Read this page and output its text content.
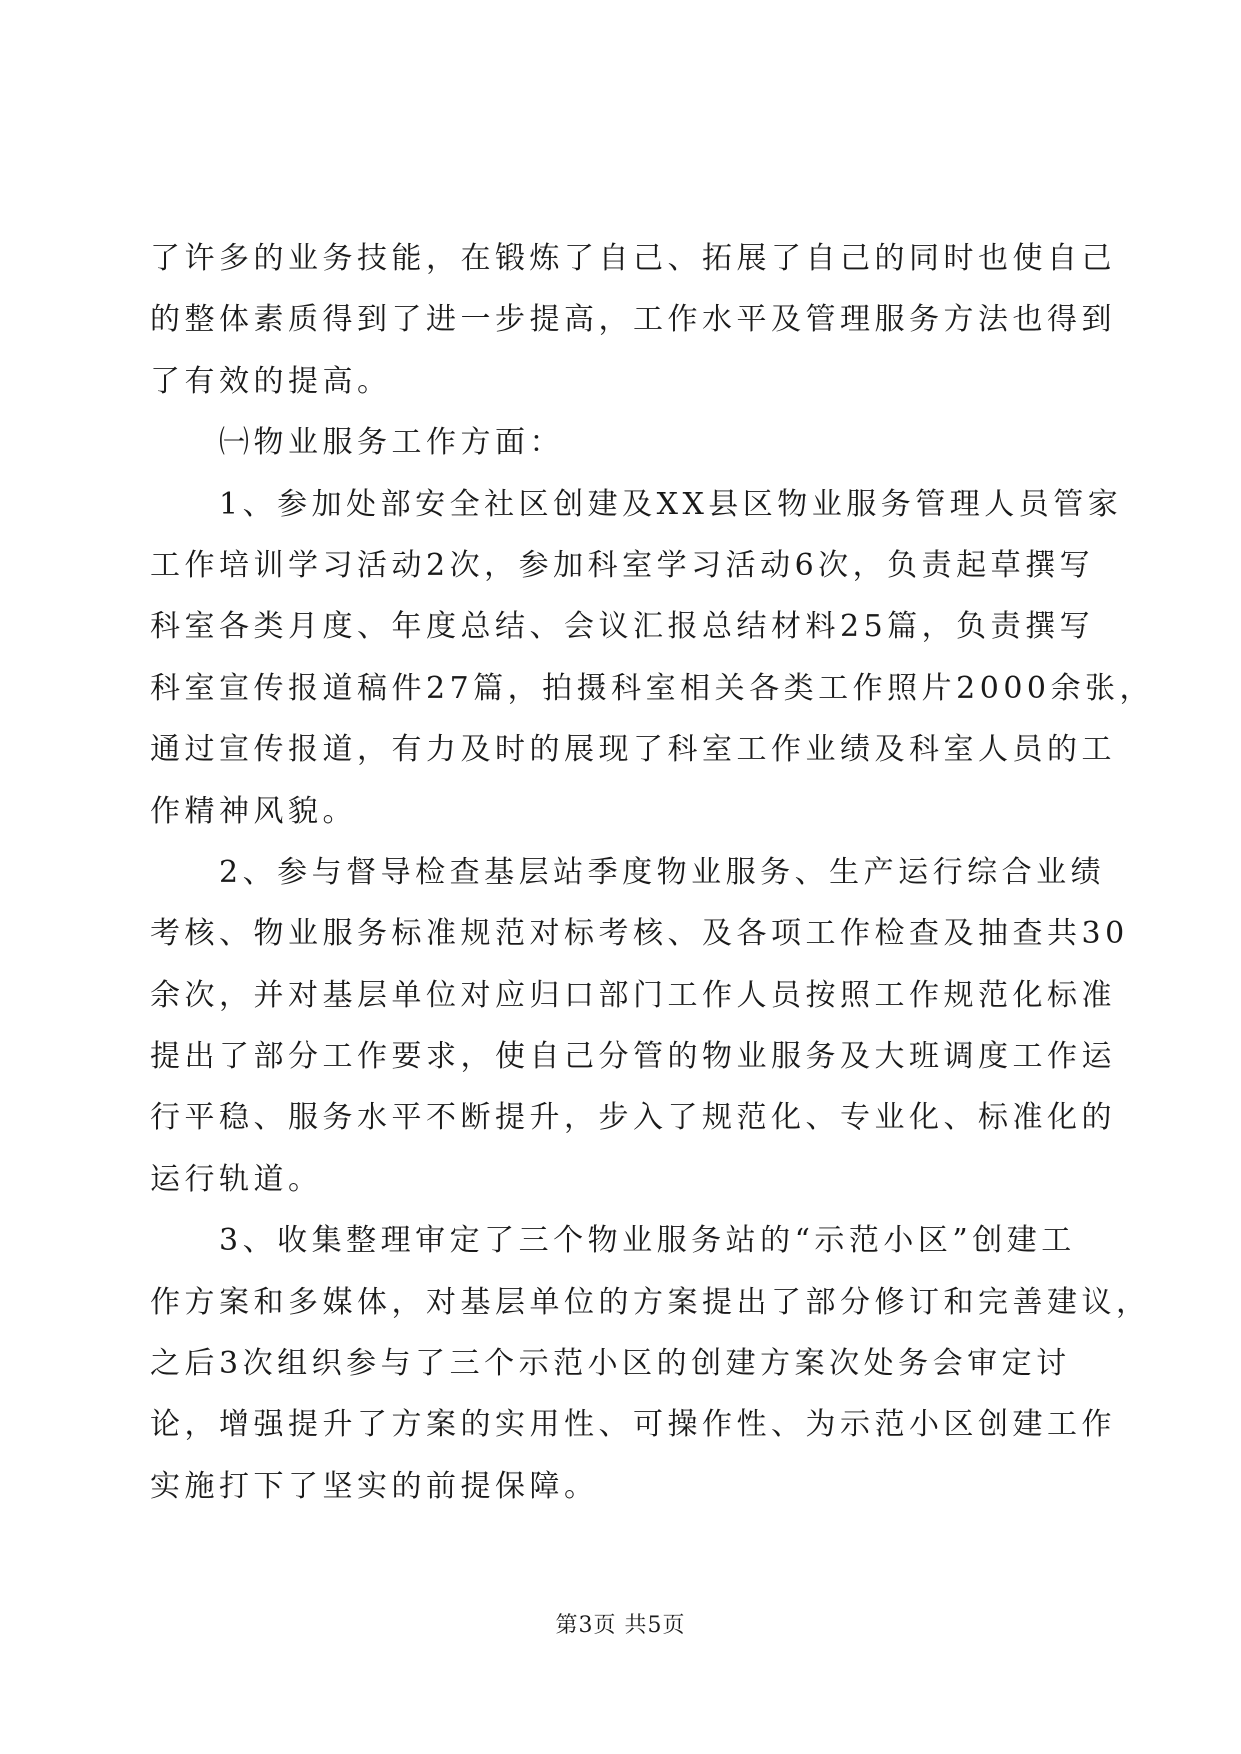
了许多的业务技能，在锻炼了自己、拓展了自己的同时也使自己
的整体素质得到了进一步提高，工作水平及管理服务方法也得到
了有效的提高。
　　㈠物业服务工作方面：
　　1、参加处部安全社区创建及XX县区物业服务管理人员管家
工作培训学习活动2次，参加科室学习活动6次，负责起草撰写
科室各类月度、年度总结、会议汇报总结材料25篇，负责撰写
科室宣传报道稿件27篇，拍摄科室相关各类工作照片2000余张，
通过宣传报道，有力及时的展现了科室工作业绩及科室人员的工
作精神风貌。
　　2、参与督导检查基层站季度物业服务、生产运行综合业绩
考核、物业服务标准规范对标考核、及各项工作检查及抽查共30
余次，并对基层单位对应归口部门工作人员按照工作规范化标准
提出了部分工作要求，使自己分管的物业服务及大班调度工作运
行平稳、服务水平不断提升，步入了规范化、专业化、标准化的
运行轨道。
　　3、收集整理审定了三个物业服务站的“示范小区”创建工
作方案和多媒体，对基层单位的方案提出了部分修订和完善建议，
之后3次组织参与了三个示范小区的创建方案次处务会审定讨
论，增强提升了方案的实用性、可操作性、为示范小区创建工作
实施打下了坚实的前提保障。
第3页 共5页
